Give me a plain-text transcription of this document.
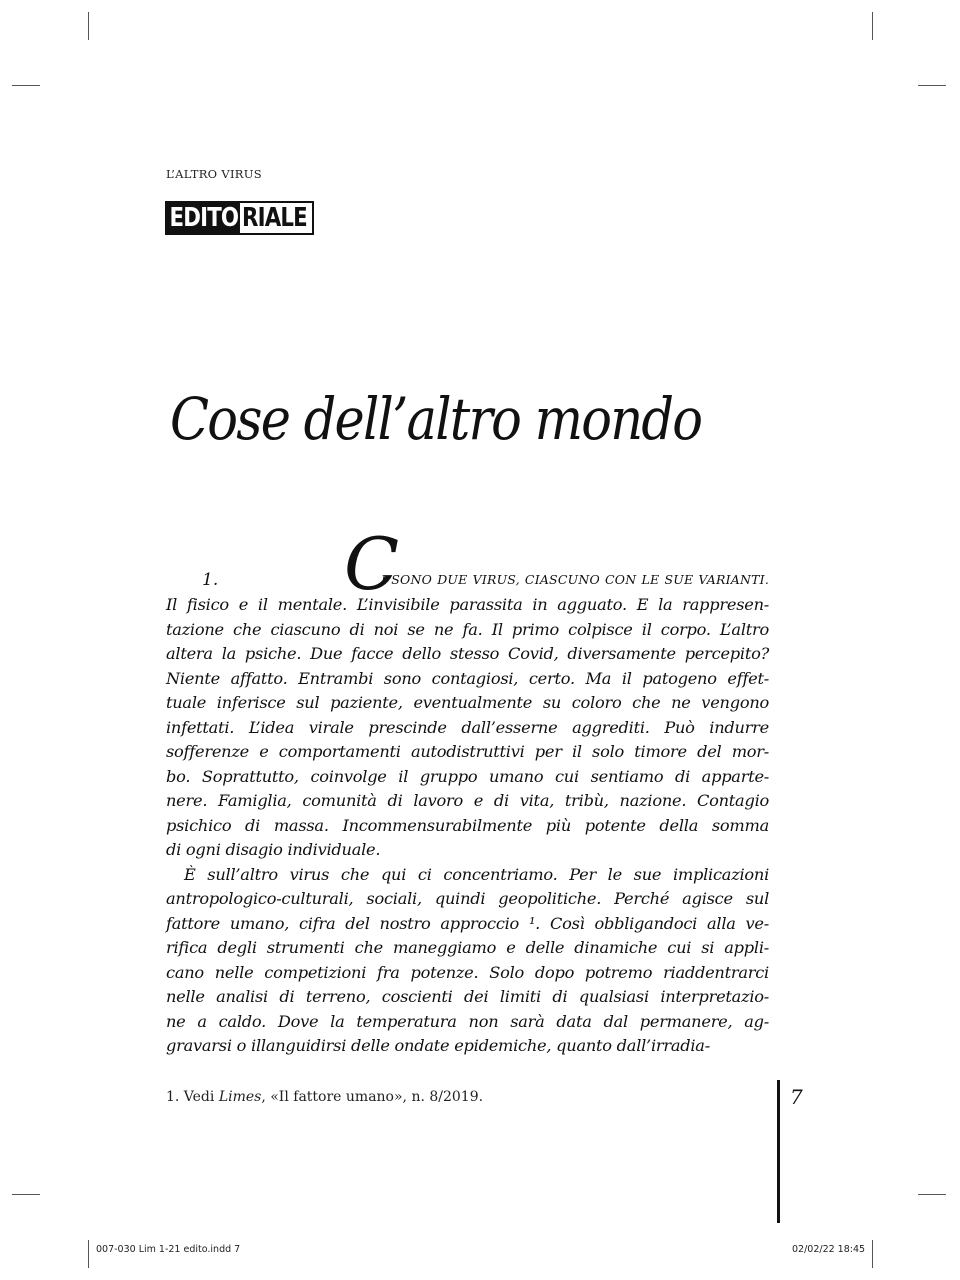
L’ALTRO VIRUS
EDITO RIALE
Cose dell’altro mondo
1. C
I SONO DUE VIRUS, CIASCUNO CON LE SUE VARIANTI.
Il fisico e il mentale. L’invisibile parassita in agguato. E la rappresen-
tazione che ciascuno di noi se ne fa. Il primo colpisce il corpo. L’altro
altera la psiche. Due facce dello stesso Covid, diversamente percepito?
Niente affatto. Entrambi sono contagiosi, certo. Ma il patogeno effet-
tuale inferisce sul paziente, eventualmente su coloro che ne vengono
infettati. L’idea virale prescinde dall’esserne aggrediti. Può indurre
sofferenze e comportamenti autodistruttivi per il solo timore del mor-
bo. Soprattutto, coinvolge il gruppo umano cui sentiamo di apparte-
nere. Famiglia, comunità di lavoro e di vita, tribù, nazione. Contagio
psichico di massa. Incommensurabilmente più potente della somma
di ogni disagio individuale.
È sull’altro virus che qui ci concentriamo. Per le sue implicazioni
antropologico-culturali, sociali, quindi geopolitiche. Perché agisce sul
fattore umano, cifra del nostro approccio ¹. Così obbligandoci alla ve-
rifica degli strumenti che maneggiamo e delle dinamiche cui si appli-
cano nelle competizioni fra potenze. Solo dopo potremo riaddentrarci
nelle analisi di terreno, coscienti dei limiti di qualsiasi interpretazio-
ne a caldo. Dove la temperatura non sarà data dal permanere, ag-
gravarsi o illanguidirsi delle ondate epidemiche, quanto dall’irradia-
1. Vedi Limes, «Il fattore umano», n. 8/2019.	7
007-030 Lim 1-21 edito.indd 7	02/02/22 18:45
